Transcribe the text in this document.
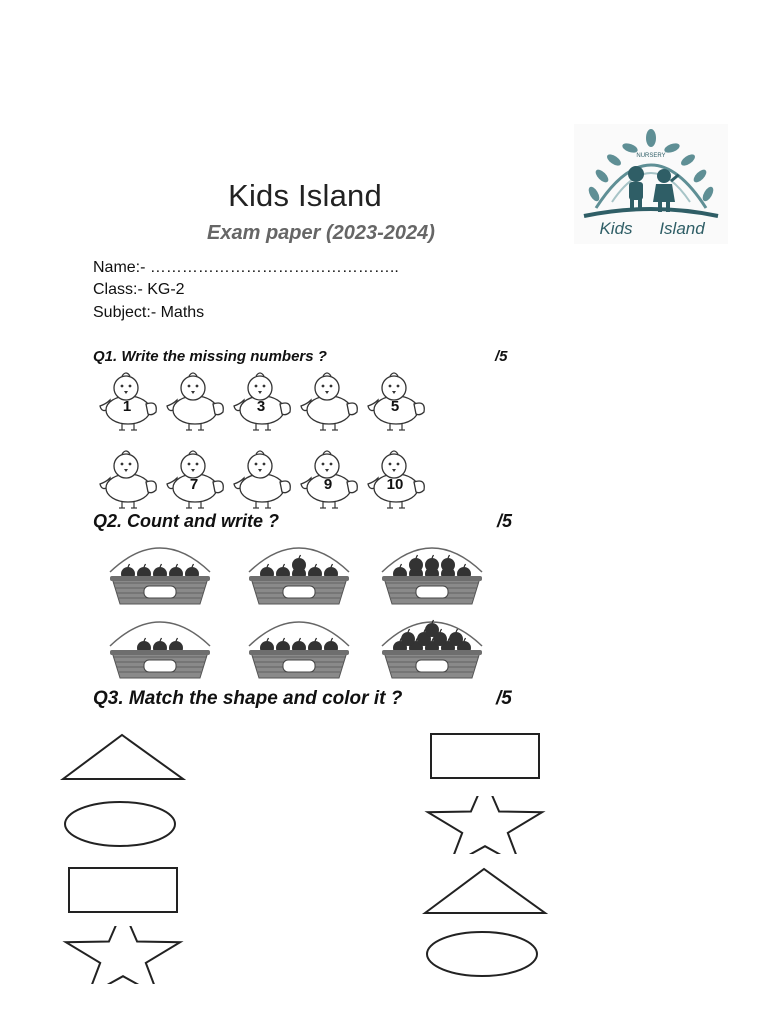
NURSERY
Kids Island
Kids Island
Exam paper (2023-2024)
Name:- ………………………………………..
Class:- KG-2
Subject:- Maths
Q1. Write the missing numbers ?	/5
1	3	5
7	9	10
Q2. Count and write ?	/5
Q3. Match the shape and color it ?	/5
